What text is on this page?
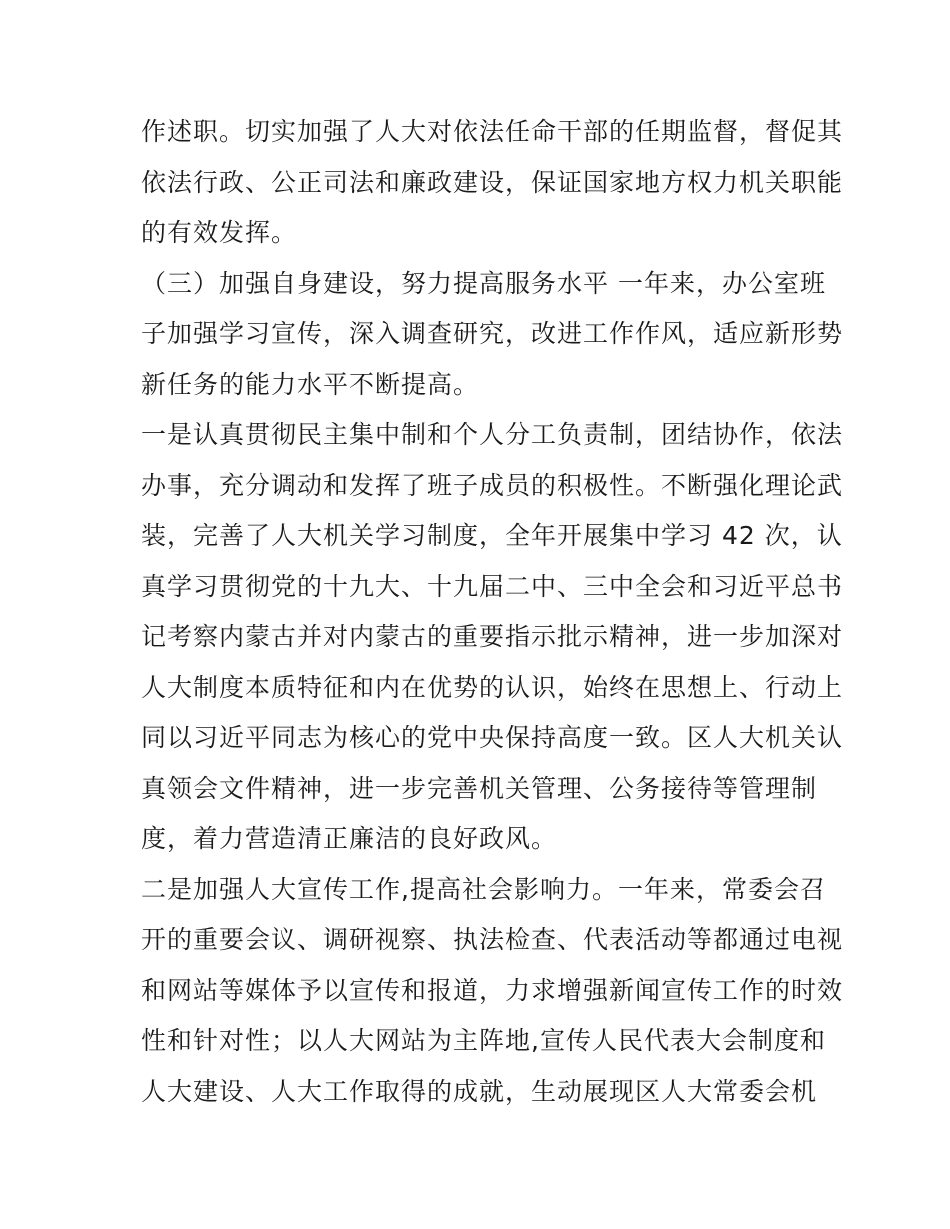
作述职。切实加强了人大对依法任命干部的任期监督，督促其
依法行政、公正司法和廉政建设，保证国家地方权力机关职能
的有效发挥。
（三）加强自身建设，努力提高服务水平 一年来，办公室班
子加强学习宣传，深入调查研究，改进工作作风，适应新形势
新任务的能力水平不断提高。
一是认真贯彻民主集中制和个人分工负责制，团结协作，依法
办事，充分调动和发挥了班子成员的积极性。不断强化理论武
装，完善了人大机关学习制度，全年开展集中学习 42 次，认
真学习贯彻党的十九大、十九届二中、三中全会和习近平总书
记考察内蒙古并对内蒙古的重要指示批示精神，进一步加深对
人大制度本质特征和内在优势的认识，始终在思想上、行动上
同以习近平同志为核心的党中央保持高度一致。区人大机关认
真领会文件精神，进一步完善机关管理、公务接待等管理制
度，着力营造清正廉洁的良好政风。
二是加强人大宣传工作,提高社会影响力。一年来，常委会召
开的重要会议、调研视察、执法检查、代表活动等都通过电视
和网站等媒体予以宣传和报道，力求增强新闻宣传工作的时效
性和针对性；以人大网站为主阵地,宣传人民代表大会制度和
人大建设、人大工作取得的成就，生动展现区人大常委会机
